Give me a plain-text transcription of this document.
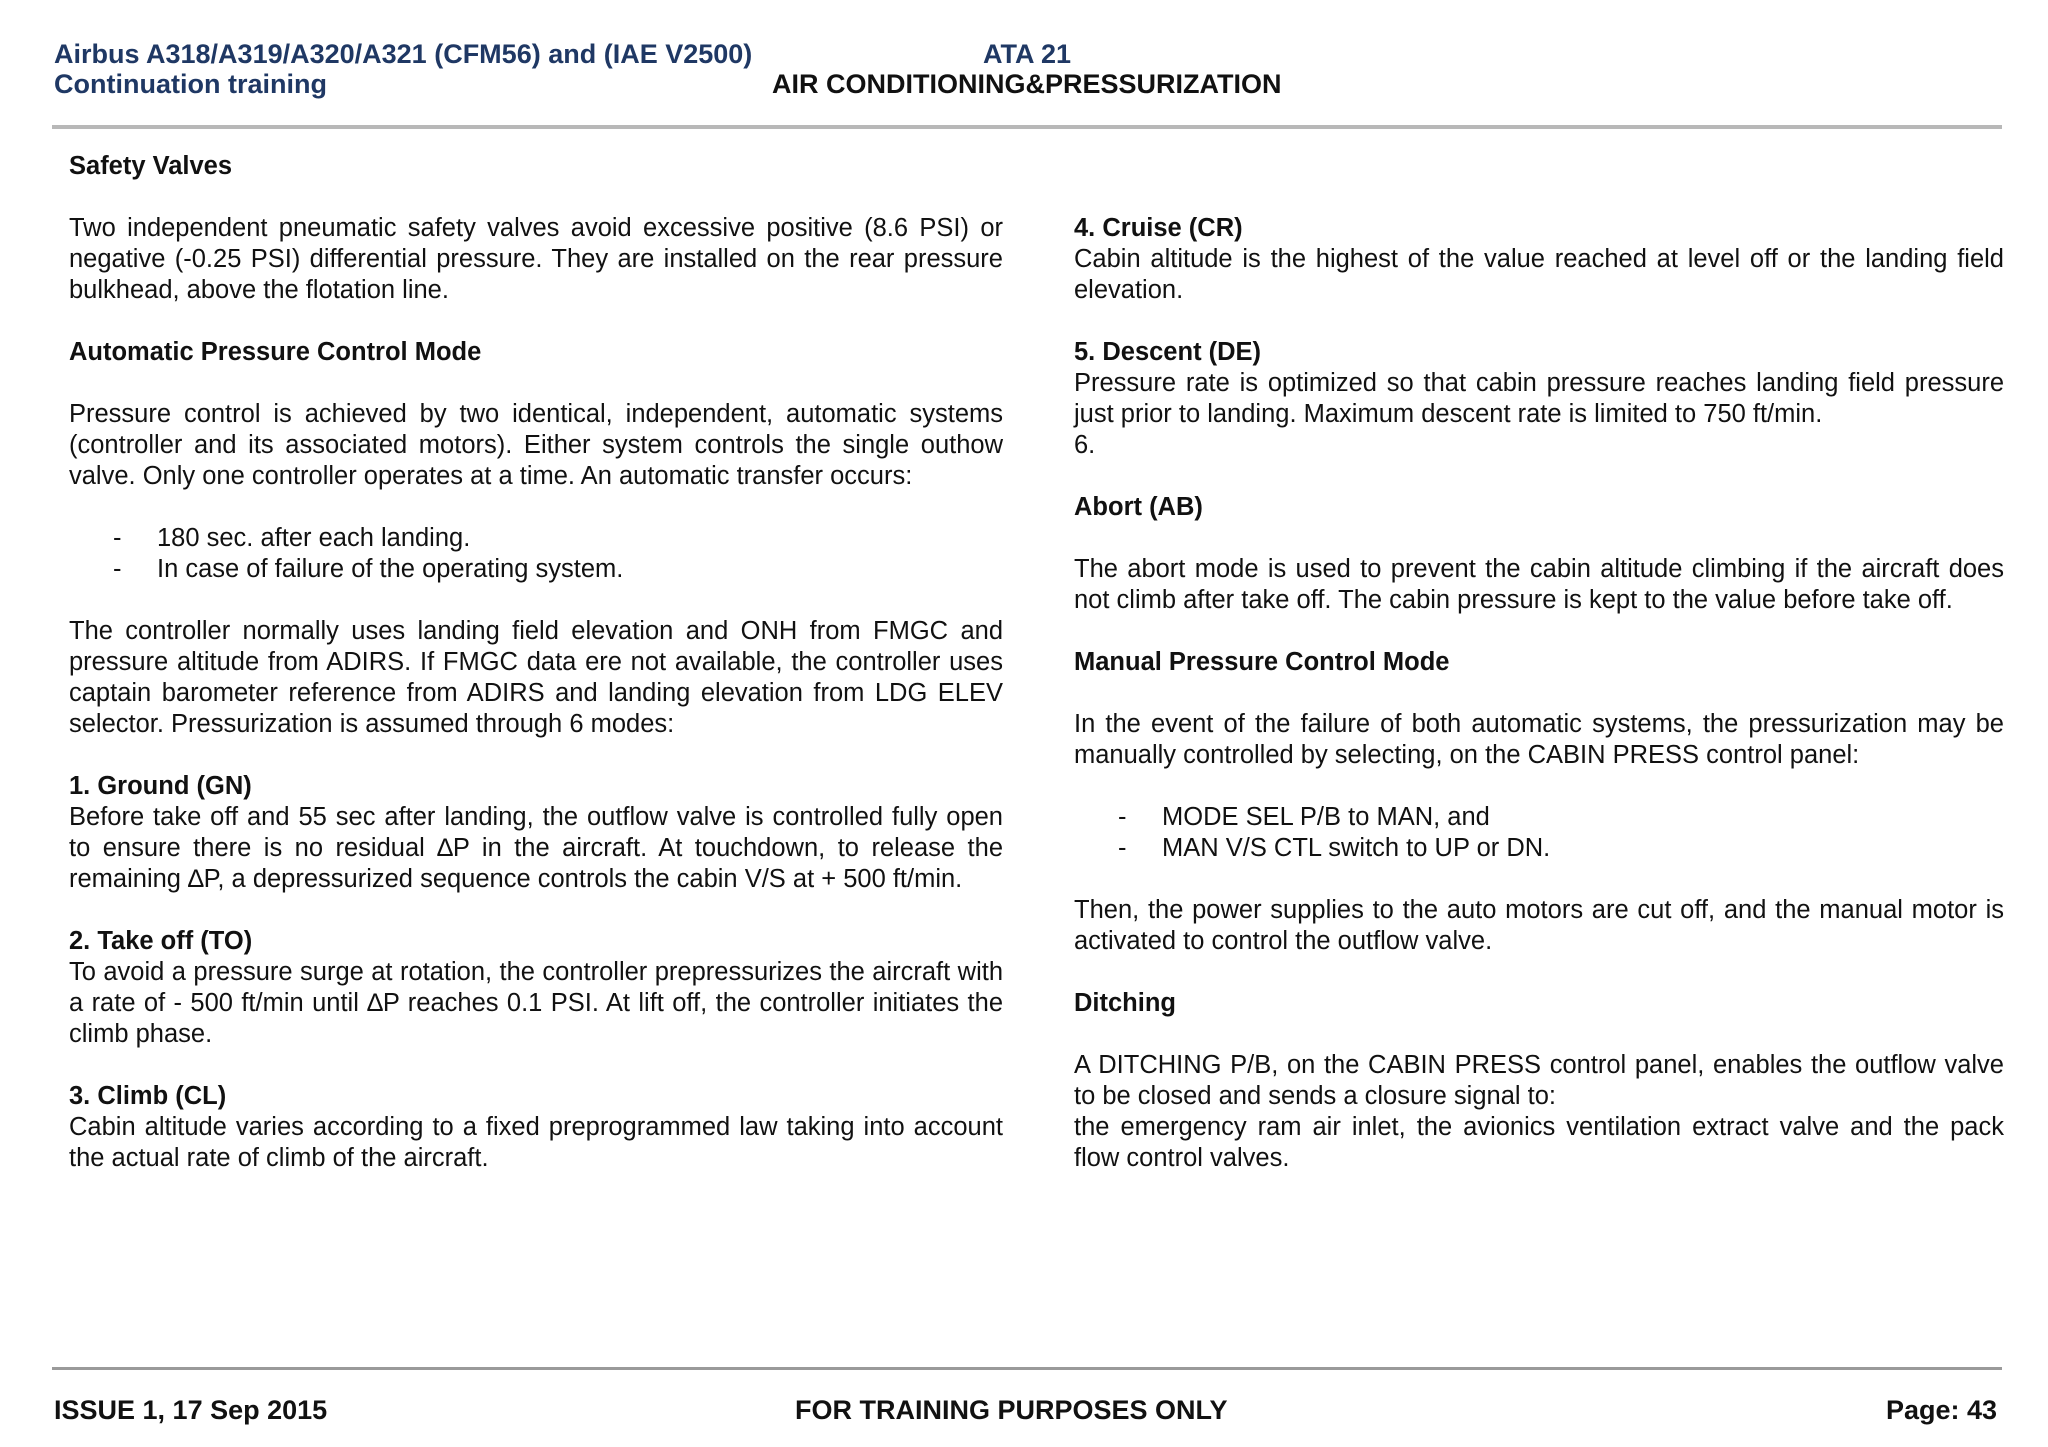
Airbus A318/A319/A320/A321 (CFM56) and (IAE V2500)
Continuation training
ATA 21
AIR CONDITIONING&PRESSURIZATION
Safety Valves

Two independent pneumatic safety valves avoid excessive positive (8.6 PSI) or negative (-0.25 PSI) differential pressure. They are installed on the rear pressure bulkhead, above the flotation line.

Automatic Pressure Control Mode

Pressure control is achieved by two identical, independent, automatic systems (controller and its associated motors). Either system controls the single outhow valve. Only one controller operates at a time. An automatic transfer occurs:

- 180 sec. after each landing.
- In case of failure of the operating system.

The controller normally uses landing field elevation and ONH from FMGC and pressure altitude from ADIRS. If FMGC data ere not available, the controller uses captain barometer reference from ADIRS and landing elevation from LDG ELEV selector. Pressurization is assumed through 6 modes:

1. Ground (GN)

Before take off and 55 sec after landing, the outflow valve is controlled fully open to ensure there is no residual ∆P in the aircraft. At touchdown, to release the remaining ∆P, a depressurized sequence controls the cabin V/S at + 500 ft/min.

2. Take off (TO)

To avoid a pressure surge at rotation, the controller prepressurizes the aircraft with a rate of - 500 ft/min until ∆P reaches 0.1 PSI. At lift off, the controller initiates the climb phase.

3. Climb (CL)

Cabin altitude varies according to a fixed preprogrammed law taking into account the actual rate of climb of the aircraft.

4. Cruise (CR)

Cabin altitude is the highest of the value reached at level off or the landing field elevation.

5. Descent (DE)

Pressure rate is optimized so that cabin pressure reaches landing field pressure just prior to landing. Maximum descent rate is limited to 750 ft/min.

6.

Abort (AB)

The abort mode is used to prevent the cabin altitude climbing if the aircraft does not climb after take off. The cabin pressure is kept to the value before take off.

Manual Pressure Control Mode

In the event of the failure of both automatic systems, the pressurization may be manually controlled by selecting, on the CABIN PRESS control panel:

- MODE SEL P/B to MAN, and
- MAN V/S CTL switch to UP or DN.

Then, the power supplies to the auto motors are cut off, and the manual motor is activated to control the outflow valve.

Ditching

A DITCHING P/B, on the CABIN PRESS control panel, enables the outflow valve to be closed and sends a closure signal to:

the emergency ram air inlet, the avionics ventilation extract valve and the pack flow control valves.

ISSUE 1, 17 Sep 2015	FOR TRAINING PURPOSES ONLY	Page: 43
